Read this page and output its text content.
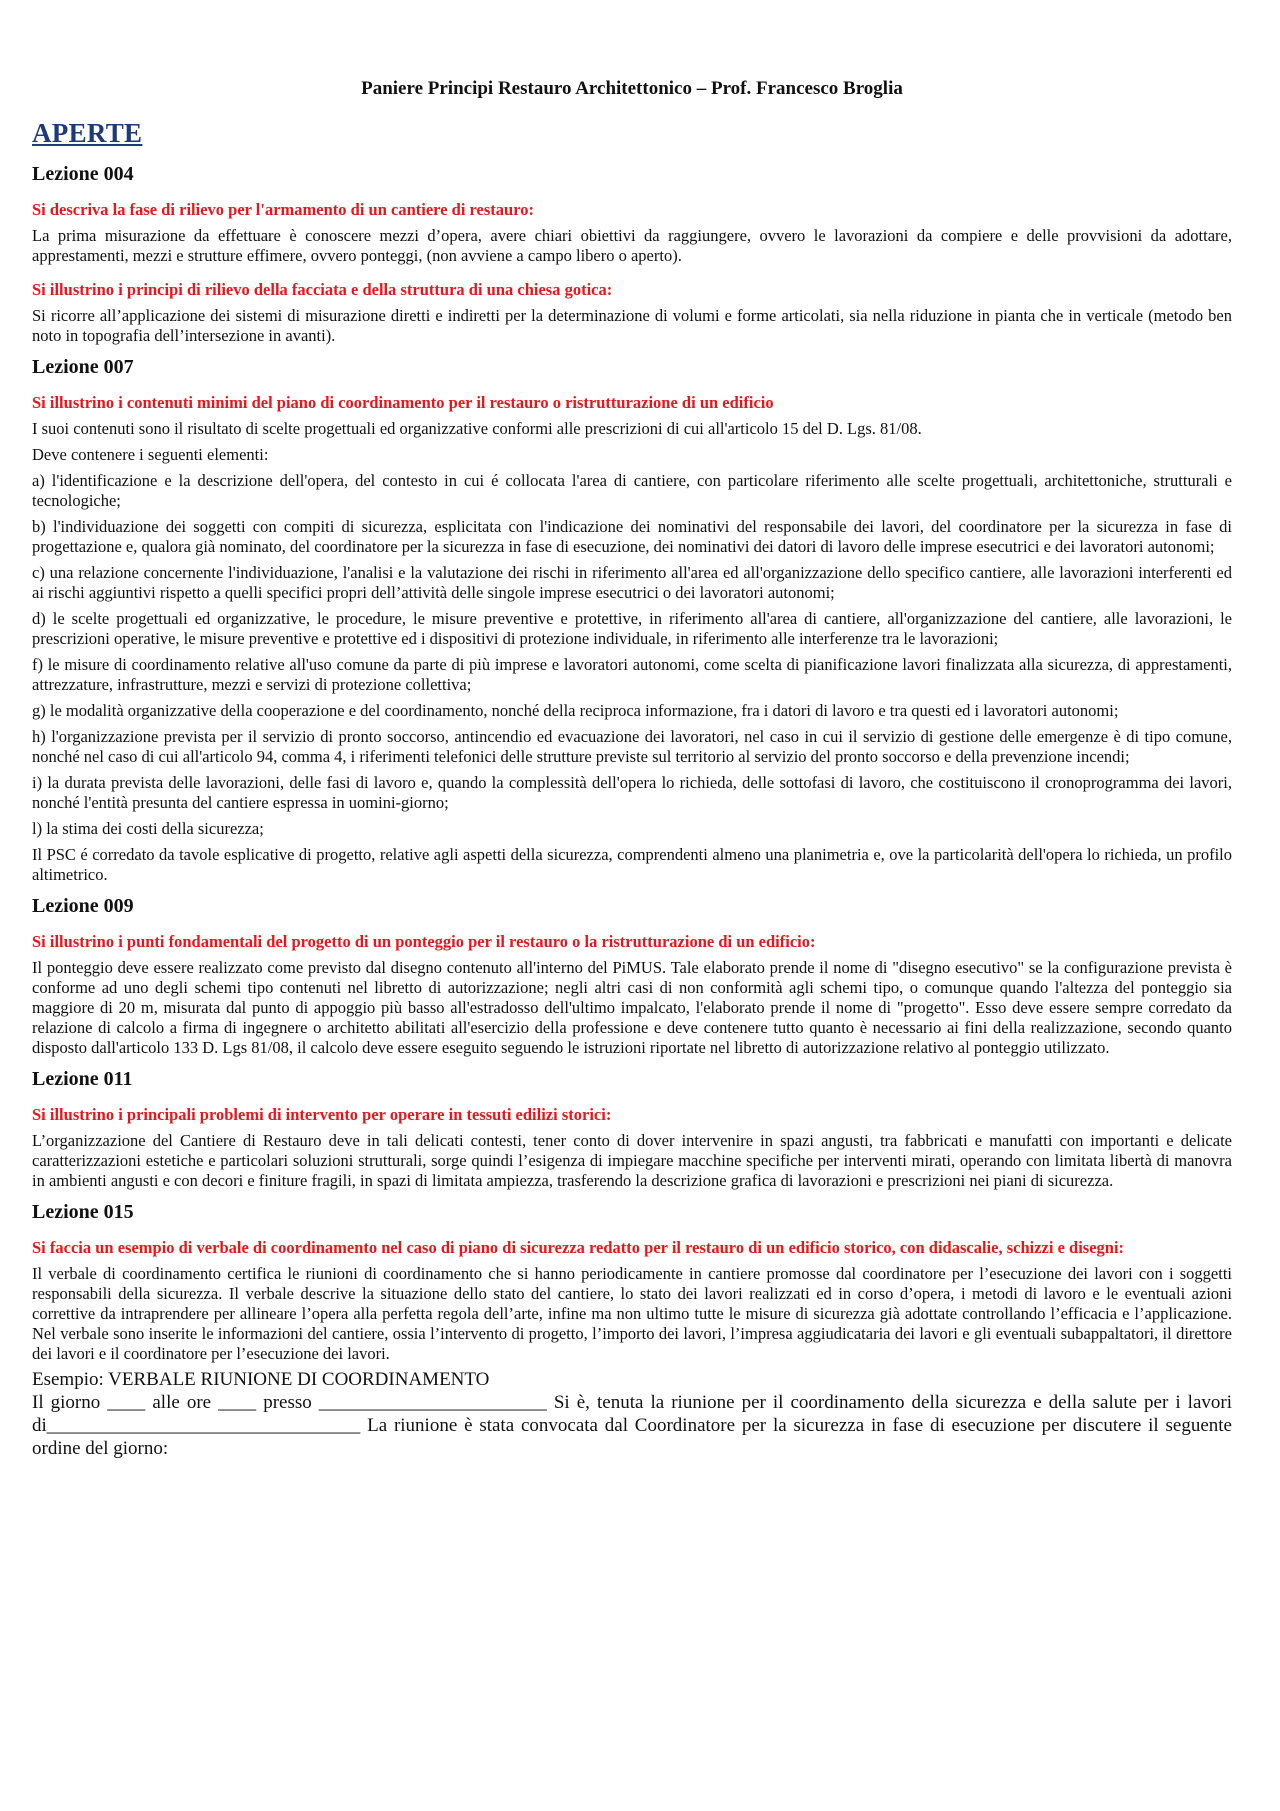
Paniere Principi Restauro Architettonico – Prof. Francesco Broglia
APERTE
Lezione 004
Si descriva la fase di rilievo per l'armamento di un cantiere di restauro:
La prima misurazione da effettuare è conoscere mezzi d’opera, avere chiari obiettivi da raggiungere, ovvero le lavorazioni da compiere e delle provvisioni da adottare, apprestamenti, mezzi e strutture effimere, ovvero ponteggi, (non avviene a campo libero o aperto).
Si illustrino i principi di rilievo della facciata e della struttura di una chiesa gotica:
Si ricorre all’applicazione dei sistemi di misurazione diretti e indiretti per la determinazione di volumi e forme articolati, sia nella riduzione in pianta che in verticale (metodo ben noto in topografia dell’intersezione in avanti).
Lezione 007
Si illustrino i contenuti minimi del piano di coordinamento per il restauro o ristrutturazione di un edificio
I suoi contenuti sono il risultato di scelte progettuali ed organizzative conformi alle prescrizioni di cui all'articolo 15 del D. Lgs. 81/08.
Deve contenere i seguenti elementi:
a) l'identificazione e la descrizione dell'opera, del contesto in cui é collocata l'area di cantiere, con particolare riferimento alle scelte progettuali, architettoniche, strutturali e tecnologiche;
b) l'individuazione dei soggetti con compiti di sicurezza, esplicitata con l'indicazione dei nominativi del responsabile dei lavori, del coordinatore per la sicurezza in fase di progettazione e, qualora già nominato, del coordinatore per la sicurezza in fase di esecuzione, dei nominativi dei datori di lavoro delle imprese esecutrici e dei lavoratori autonomi;
c) una relazione concernente l'individuazione, l'analisi e la valutazione dei rischi in riferimento all'area ed all'organizzazione dello specifico cantiere, alle lavorazioni interferenti ed ai rischi aggiuntivi rispetto a quelli specifici propri dell’attività delle singole imprese esecutrici o dei lavoratori autonomi;
d) le scelte progettuali ed organizzative, le procedure, le misure preventive e protettive, in riferimento all'area di cantiere, all'organizzazione del cantiere, alle lavorazioni, le prescrizioni operative, le misure preventive e protettive ed i dispositivi di protezione individuale, in riferimento alle interferenze tra le lavorazioni;
f) le misure di coordinamento relative all'uso comune da parte di più imprese e lavoratori autonomi, come scelta di pianificazione lavori finalizzata alla sicurezza, di apprestamenti, attrezzature, infrastrutture, mezzi e servizi di protezione collettiva;
g) le modalità organizzative della cooperazione e del coordinamento, nonché della reciproca informazione, fra i datori di lavoro e tra questi ed i lavoratori autonomi;
h) l'organizzazione prevista per il servizio di pronto soccorso, antincendio ed evacuazione dei lavoratori, nel caso in cui il servizio di gestione delle emergenze è di tipo comune, nonché nel caso di cui all'articolo 94, comma 4, i riferimenti telefonici delle strutture previste sul territorio al servizio del pronto soccorso e della prevenzione incendi;
i) la durata prevista delle lavorazioni, delle fasi di lavoro e, quando la complessità dell'opera lo richieda, delle sottofasi di lavoro, che costituiscono il cronoprogramma dei lavori, nonché l'entità presunta del cantiere espressa in uomini-giorno;
l) la stima dei costi della sicurezza;
Il PSC é corredato da tavole esplicative di progetto, relative agli aspetti della sicurezza, comprendenti almeno una planimetria e, ove la particolarità dell'opera lo richieda, un profilo altimetrico.
Lezione 009
Si illustrino i punti fondamentali del progetto di un ponteggio per il restauro o la ristrutturazione di un edificio:
Il ponteggio deve essere realizzato come previsto dal disegno contenuto all'interno del PiMUS. Tale elaborato prende il nome di "disegno esecutivo" se la configurazione prevista è conforme ad uno degli schemi tipo contenuti nel libretto di autorizzazione; negli altri casi di non conformità agli schemi tipo, o comunque quando l'altezza del ponteggio sia maggiore di 20 m, misurata dal punto di appoggio più basso all'estradosso dell'ultimo impalcato, l'elaborato prende il nome di "progetto". Esso deve essere sempre corredato da relazione di calcolo a firma di ingegnere o architetto abilitati all'esercizio della professione e deve contenere tutto quanto è necessario ai fini della realizzazione, secondo quanto disposto dall'articolo 133 D. Lgs 81/08, il calcolo deve essere eseguito seguendo le istruzioni riportate nel libretto di autorizzazione relativo al ponteggio utilizzato.
Lezione 011
Si illustrino i principali problemi di intervento per operare in tessuti edilizi storici:
L’organizzazione del Cantiere di Restauro deve in tali delicati contesti, tener conto di dover intervenire in spazi angusti, tra fabbricati e manufatti con importanti e delicate caratterizzazioni estetiche e particolari soluzioni strutturali, sorge quindi l’esigenza di impiegare macchine specifiche per interventi mirati, operando con limitata libertà di manovra in ambienti angusti e con decori e finiture fragili, in spazi di limitata ampiezza, trasferendo la descrizione grafica di lavorazioni e prescrizioni nei piani di sicurezza.
Lezione 015
Si faccia un esempio di verbale di coordinamento nel caso di piano di sicurezza redatto per il restauro di un edificio storico, con didascalie, schizzi e disegni:
Il verbale di coordinamento certifica le riunioni di coordinamento che si hanno periodicamente in cantiere promosse dal coordinatore per l’esecuzione dei lavori con i soggetti responsabili della sicurezza. Il verbale descrive la situazione dello stato del cantiere, lo stato dei lavori realizzati ed in corso d’opera, i metodi di lavoro e le eventuali azioni correttive da intraprendere per allineare l’opera alla perfetta regola dell’arte, infine ma non ultimo tutte le misure di sicurezza già adottate controllando l’efficacia e l’applicazione. Nel verbale sono inserite le informazioni del cantiere, ossia l’intervento di progetto, l’importo dei lavori, l’impresa aggiudicataria dei lavori e gli eventuali subappaltatori, il direttore dei lavori e il coordinatore per l’esecuzione dei lavori.
Esempio: VERBALE RIUNIONE DI COORDINAMENTO
Il giorno ____ alle ore ____ presso ________________________ Si è, tenuta la riunione per il coordinamento della sicurezza e della salute per i lavori di_________________________________ La riunione è stata convocata dal Coordinatore per la sicurezza in fase di esecuzione per discutere il seguente ordine del giorno:
